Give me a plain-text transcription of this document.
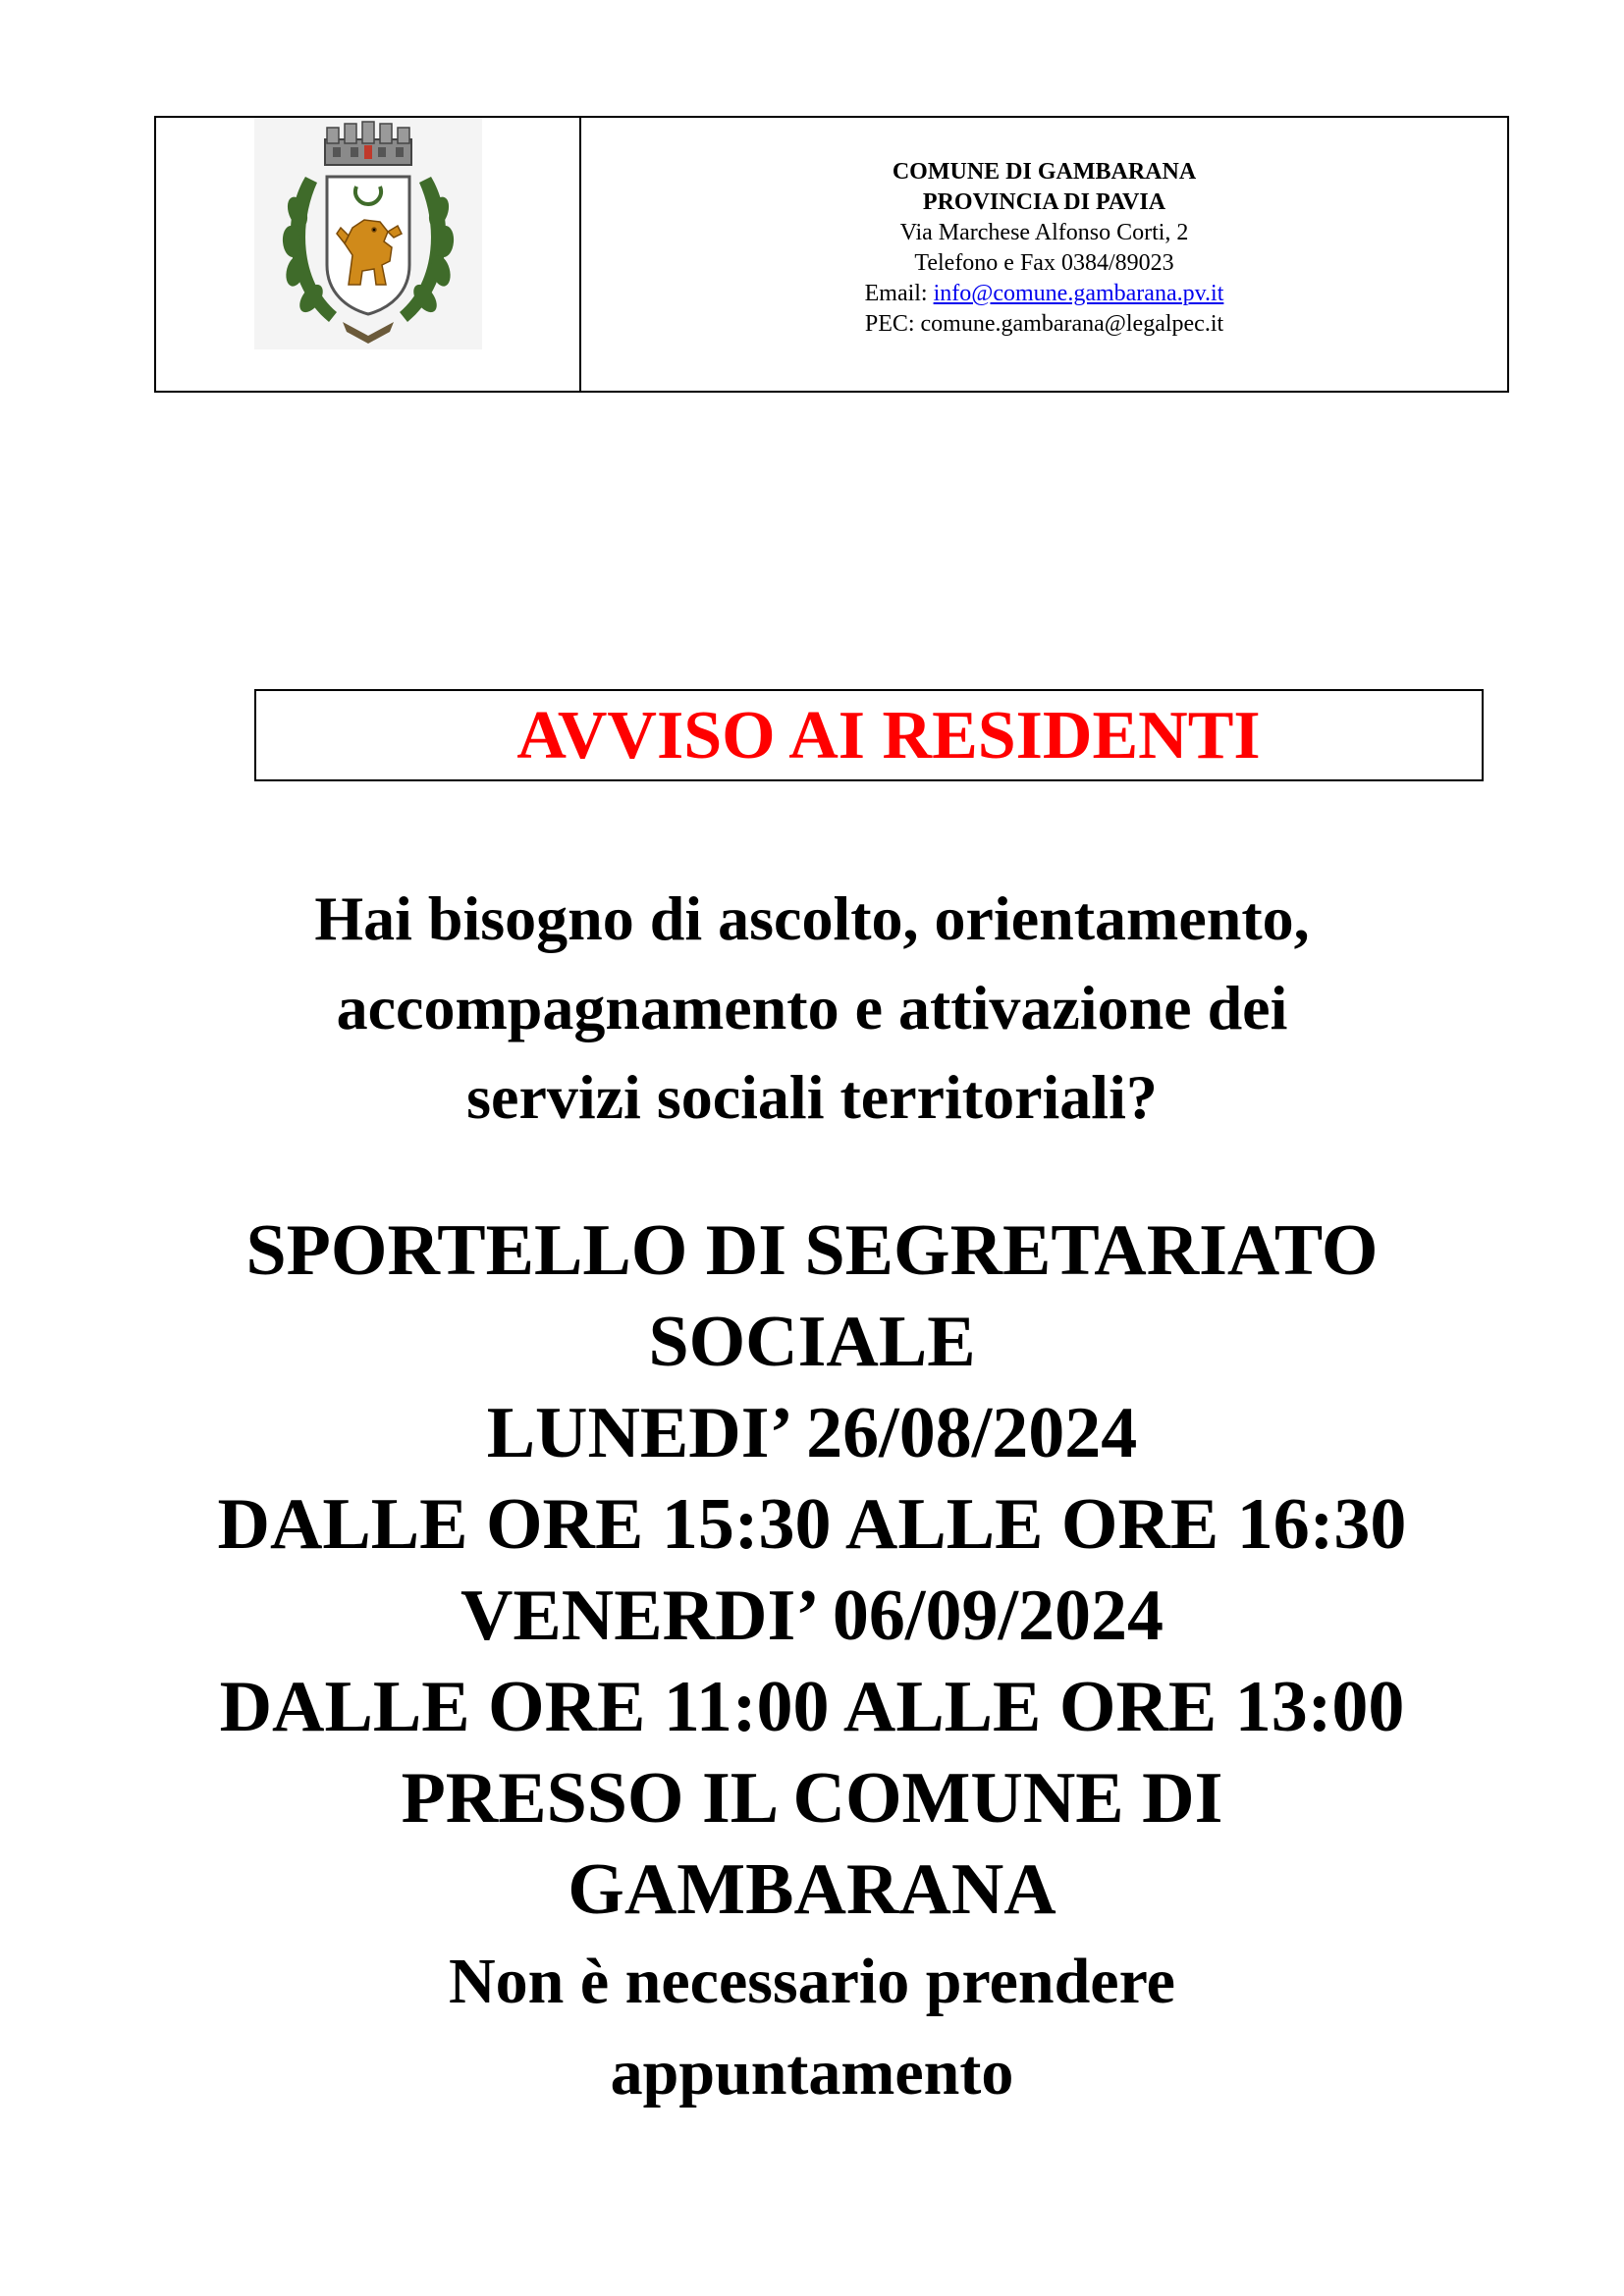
COMUNE DI GAMBARANA
PROVINCIA DI PAVIA
Via Marchese Alfonso Corti, 2
Telefono e Fax 0384/89023
Email: info@comune.gambarana.pv.it
PEC: comune.gambarana@legalpec.it
AVVISO AI RESIDENTI
Hai bisogno di ascolto, orientamento,
accompagnamento e attivazione dei
servizi sociali territoriali?
SPORTELLO DI SEGRETARIATO
SOCIALE
LUNEDI’ 26/08/2024
DALLE ORE 15:30 ALLE ORE 16:30
VENERDI’ 06/09/2024
DALLE ORE 11:00 ALLE ORE 13:00
PRESSO IL COMUNE DI
GAMBARANA
Non è necessario prendere
appuntamento
